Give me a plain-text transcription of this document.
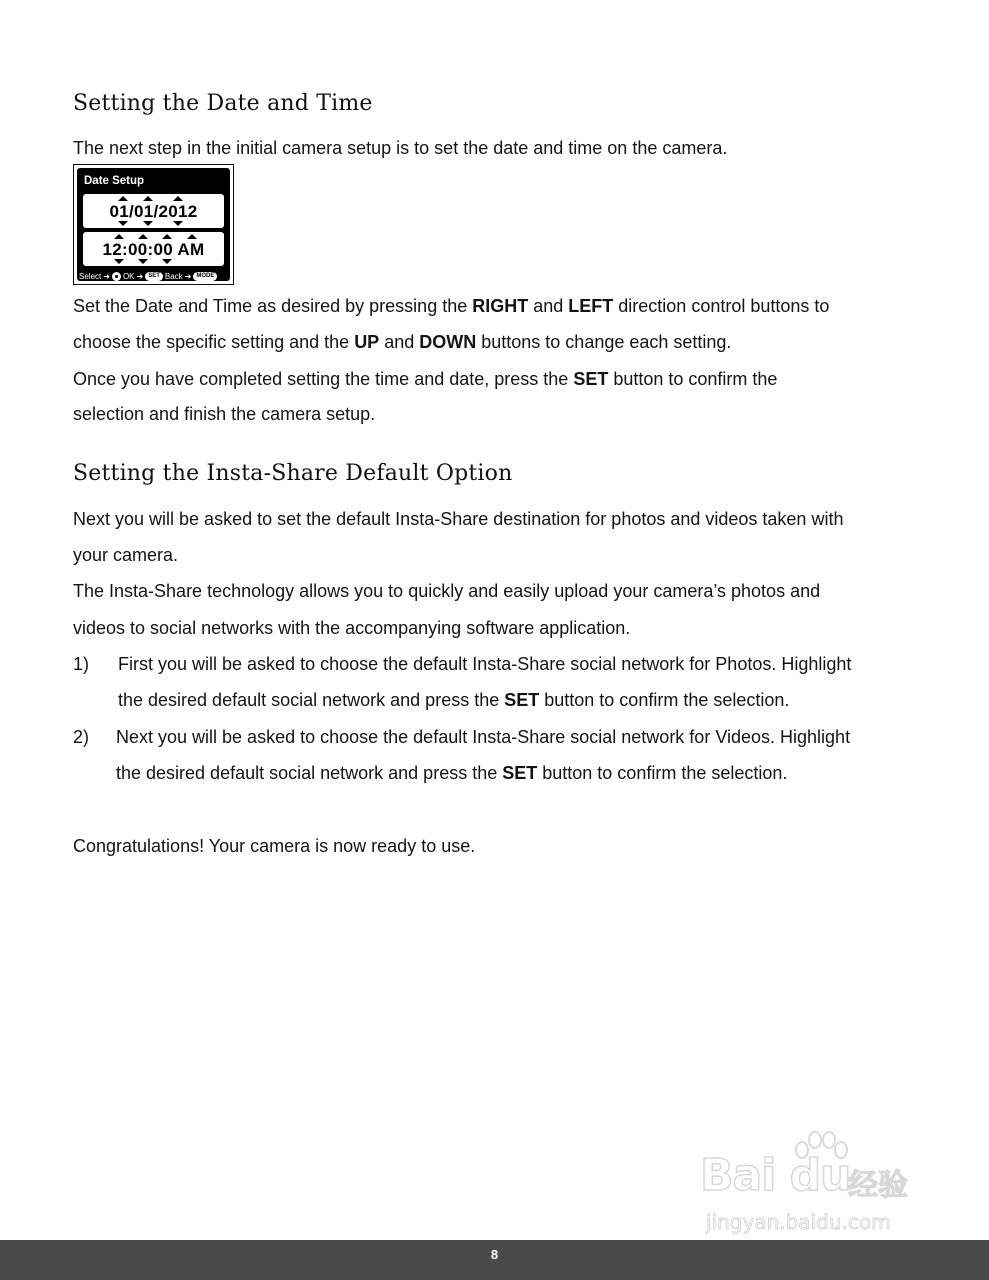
Setting the Date and Time

The next step in the initial camera setup is to set the date and time on the camera.

Date Setup
01/01/2012
12:00:00 AM
Select ➜ OK ➜ SET Back ➜ MODE

Set the Date and Time as desired by pressing the RIGHT and LEFT direction control buttons to

choose the specific setting and the UP and DOWN buttons to change each setting.

Once you have completed setting the time and date, press the SET button to confirm the

selection and finish the camera setup.

Setting the Insta-Share Default Option

Next you will be asked to set the default Insta-Share destination for photos and videos taken with

your camera.

The Insta-Share technology allows you to quickly and easily upload your camera’s photos and

videos to social networks with the accompanying software application.

1) First you will be asked to choose the default Insta-Share social network for Photos. Highlight

the desired default social network and press the SET button to confirm the selection.

2) Next you will be asked to choose the default Insta-Share social network for Videos. Highlight

the desired default social network and press the SET button to confirm the selection.

Congratulations! Your camera is now ready to use.

Bai du
经验
jingyan.baidu.com
8
